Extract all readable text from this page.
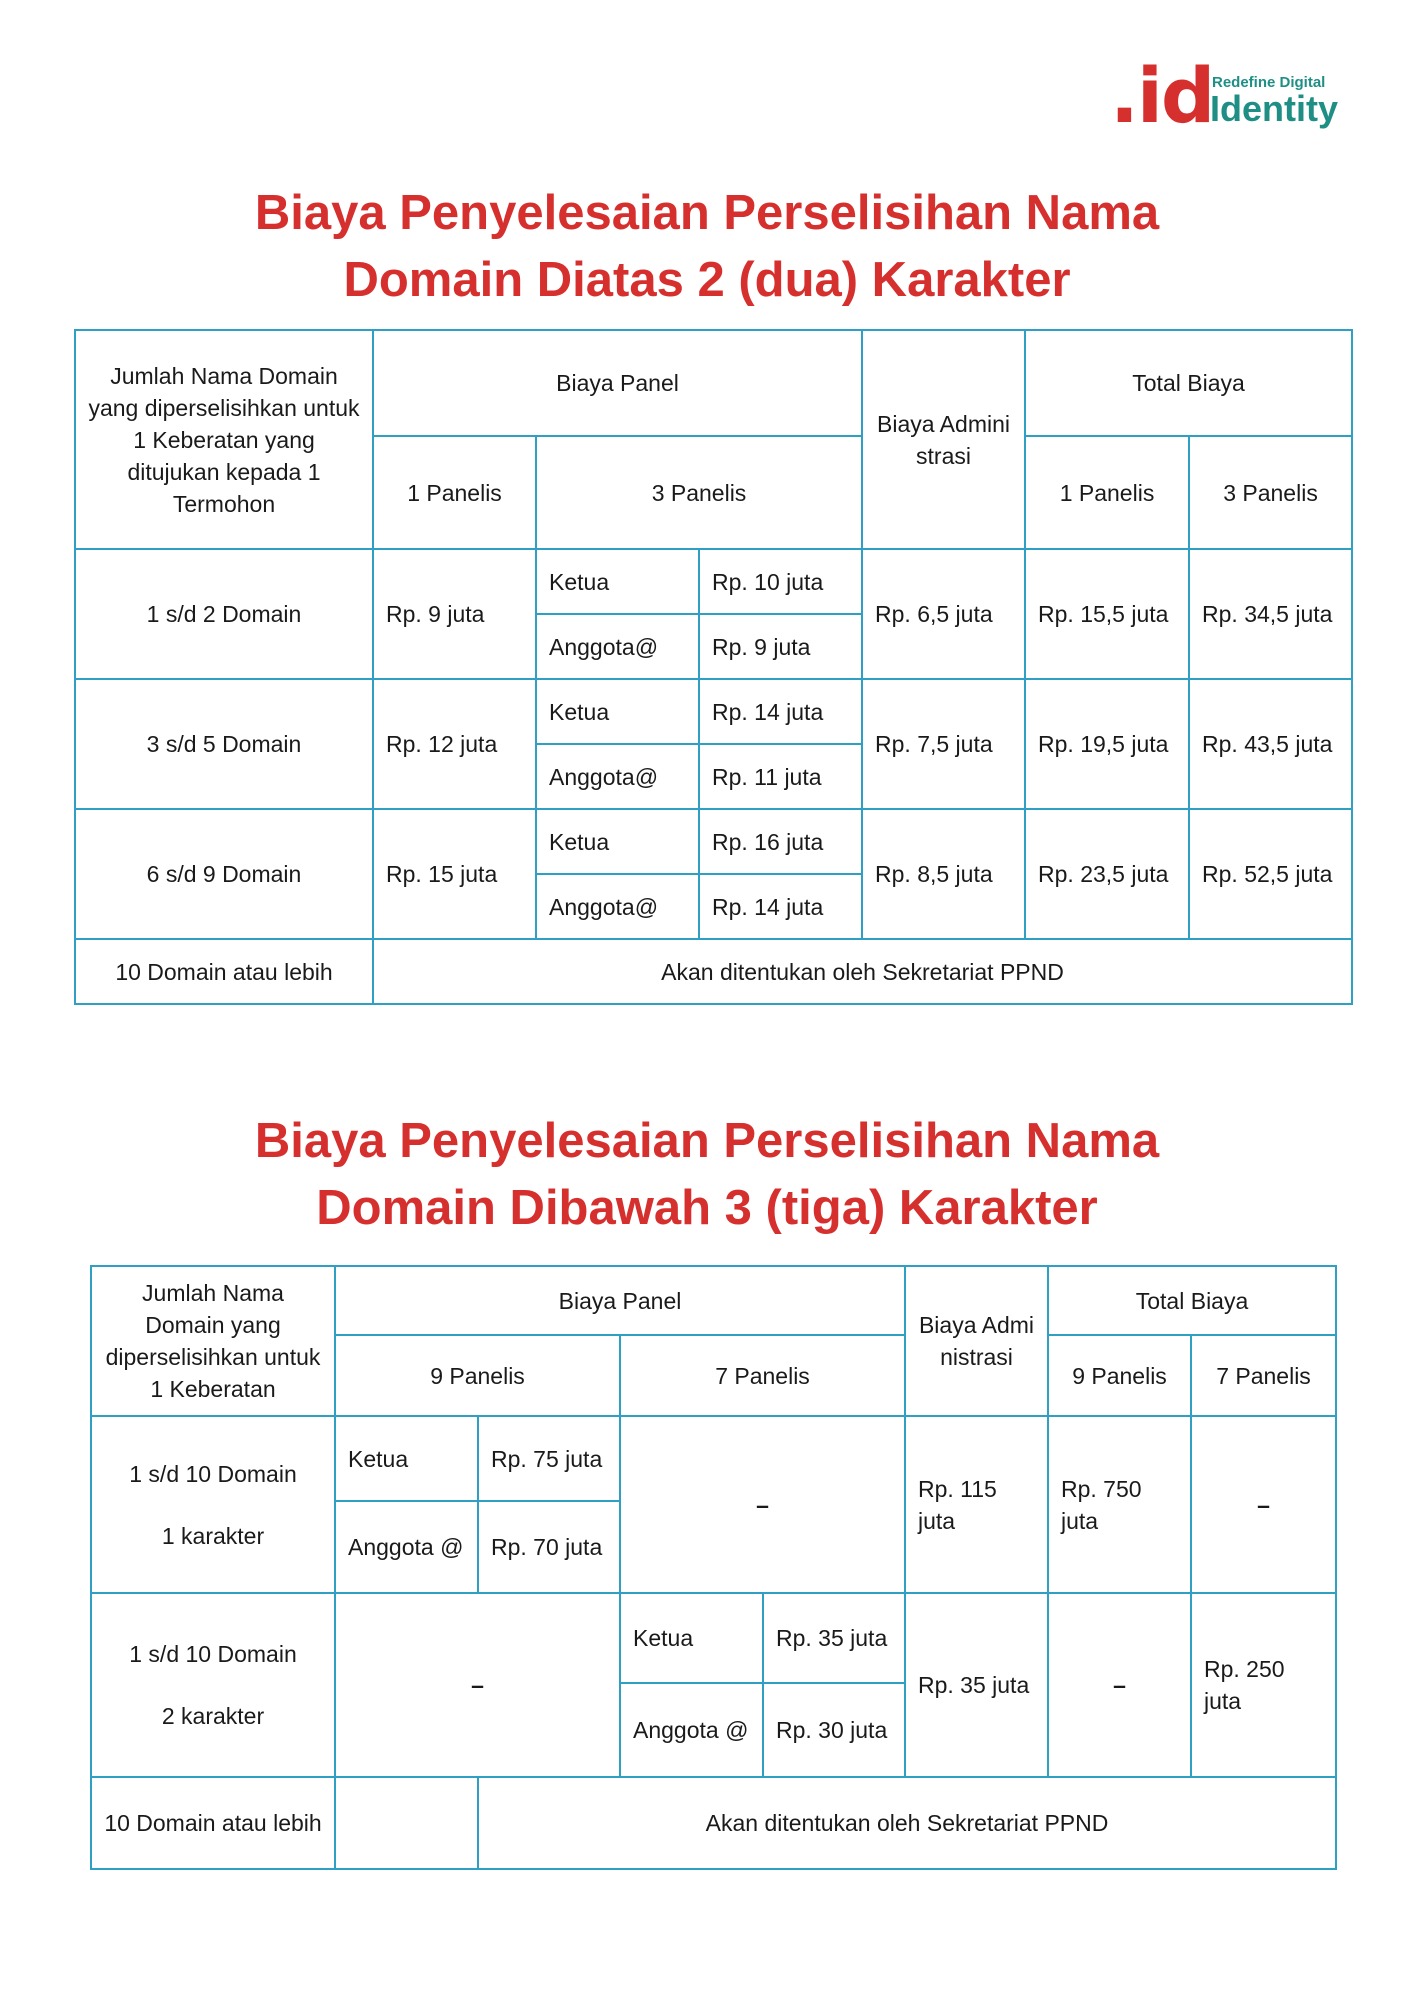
.id
Redefine Digital
Identity
Biaya Penyelesaian Perselisihan Nama
Domain Diatas 2 (dua) Karakter
Jumlah Nama Domain yang diperselisihkan untuk 1 Keberatan yang ditujukan kepada 1 Termohon	Biaya Panel			Biaya Administrasi	Total Biaya	
	1 Panelis	3 Panelis			1 Panelis	3 Panelis
1 s/d 2 Domain	Rp. 9 juta	Ketua	Rp. 10 juta	Rp. 6,5 juta	Rp. 15,5 juta	Rp. 34,5 juta
		Anggota@	Rp. 9 juta			
3 s/d 5 Domain	Rp. 12 juta	Ketua	Rp. 14 juta	Rp. 7,5 juta	Rp. 19,5 juta	Rp. 43,5 juta
		Anggota@	Rp. 11 juta			
6 s/d 9 Domain	Rp. 15 juta	Ketua	Rp. 16 juta	Rp. 8,5 juta	Rp. 23,5 juta	Rp. 52,5 juta
		Anggota@	Rp. 14 juta			
10 Domain atau lebih	Akan ditentukan oleh Sekretariat PPND					
Biaya Penyelesaian Perselisihan Nama
Domain Dibawah 3 (tiga) Karakter
Jumlah Nama Domain yang diperselisihkan untuk 1 Keberatan	Biaya Panel				Biaya Administrasi	Total Biaya	
	9 Panelis		7 Panelis			9 Panelis	7 Panelis

1 s/d 10 Domain
1 karakter	Ketua	Rp. 75 juta	–		Rp. 115 juta	Rp. 750 juta	–
	Anggota @	Rp. 70 juta					

1 s/d 10 Domain
2 karakter	–		Ketua	Rp. 35 juta	Rp. 35 juta	–	Rp. 250 juta
			Anggota @	Rp. 30 juta			
10 Domain atau lebih		Akan ditentukan oleh Sekretariat PPND					
